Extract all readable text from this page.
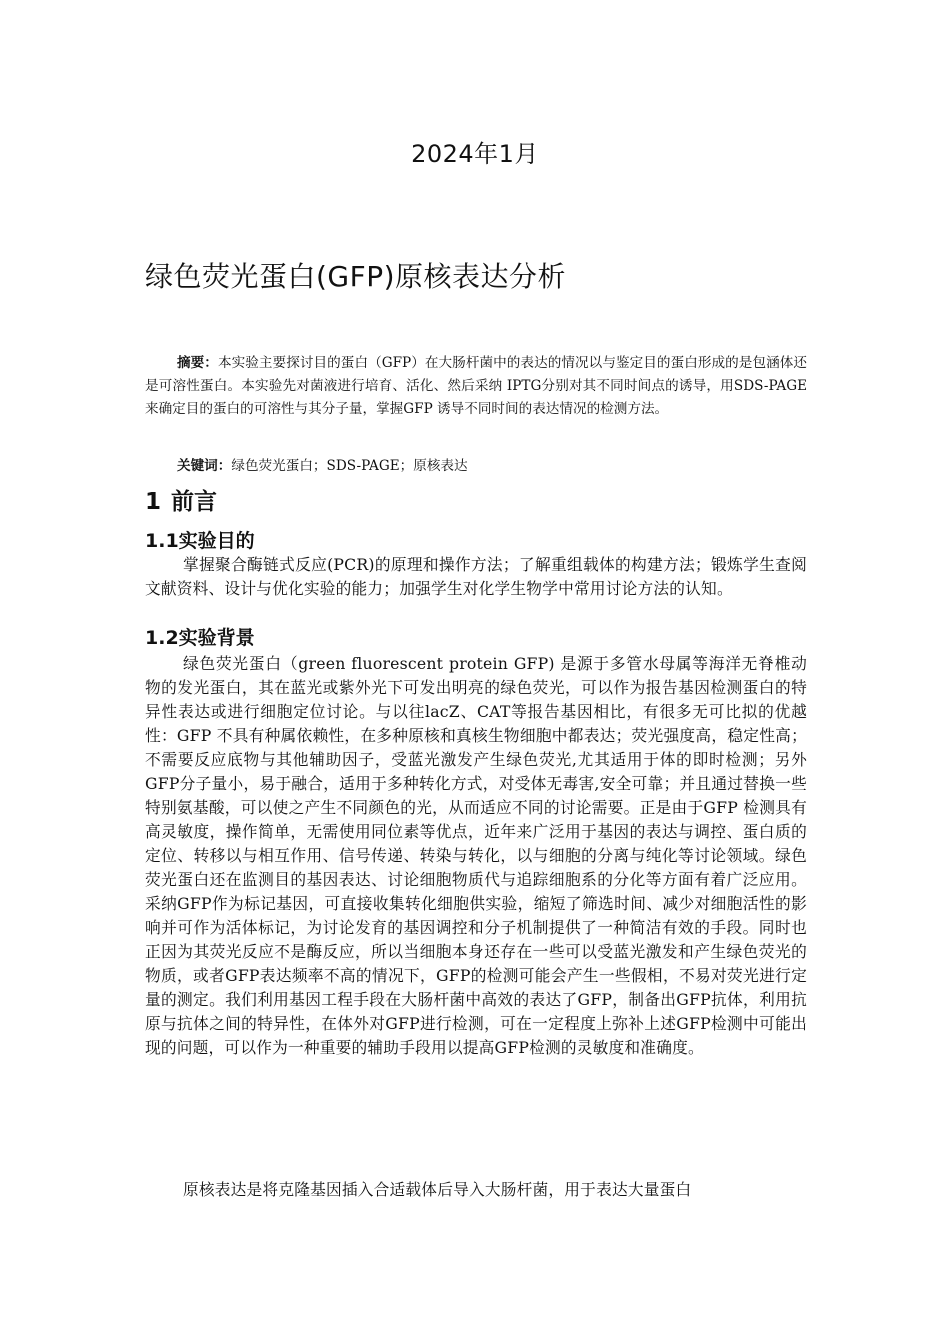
2024年1月
绿色荧光蛋白(GFP)原核表达分析
摘要：本实验主要探讨目的蛋白（GFP）在大肠杆菌中的表达的情况以与鉴定目的蛋白形成的是包涵体还是可溶性蛋白。本实验先对菌液进行培育、活化、然后采纳 IPTG分别对其不同时间点的诱导，用SDS-PAGE来确定目的蛋白的可溶性与其分子量，掌握GFP 诱导不同时间的表达情况的检测方法。
关键词：绿色荧光蛋白；SDS-PAGE；原核表达
1 前言
1.1实验目的
掌握聚合酶链式反应(PCR)的原理和操作方法；了解重组载体的构建方法；锻炼学生查阅文献资料、设计与优化实验的能力；加强学生对化学生物学中常用讨论方法的认知。
1.2实验背景
绿色荧光蛋白（green fluorescent protein GFP) 是源于多管水母属等海洋无脊椎动物的发光蛋白，其在蓝光或紫外光下可发出明亮的绿色荧光，可以作为报告基因检测蛋白的特异性表达或进行细胞定位讨论。与以往lacZ、CAT等报告基因相比，有很多无可比拟的优越性：GFP 不具有种属依赖性，在多种原核和真核生物细胞中都表达；荧光强度高，稳定性高；不需要反应底物与其他辅助因子，受蓝光激发产生绿色荧光,尤其适用于体的即时检测；另外GFP分子量小，易于融合，适用于多种转化方式，对受体无毒害,安全可靠；并且通过替换一些特别氨基酸，可以使之产生不同颜色的光，从而适应不同的讨论需要。正是由于GFP 检测具有高灵敏度，操作简单，无需使用同位素等优点，近年来广泛用于基因的表达与调控、蛋白质的定位、转移以与相互作用、信号传递、转染与转化，以与细胞的分离与纯化等讨论领域。绿色荧光蛋白还在监测目的基因表达、讨论细胞物质代与追踪细胞系的分化等方面有着广泛应用。采纳GFP作为标记基因，可直接收集转化细胞供实验，缩短了筛选时间、减少对细胞活性的影响并可作为活体标记，为讨论发育的基因调控和分子机制提供了一种简洁有效的手段。同时也正因为其荧光反应不是酶反应，所以当细胞本身还存在一些可以受蓝光激发和产生绿色荧光的物质，或者GFP表达频率不高的情况下，GFP的检测可能会产生一些假相，不易对荧光进行定量的测定。我们利用基因工程手段在大肠杆菌中高效的表达了GFP，制备出GFP抗体，利用抗原与抗体之间的特异性，在体外对GFP进行检测，可在一定程度上弥补上述GFP检测中可能出现的问题，可以作为一种重要的辅助手段用以提高GFP检测的灵敏度和准确度。
原核表达是将克隆基因插入合适载体后导入大肠杆菌，用于表达大量蛋白
